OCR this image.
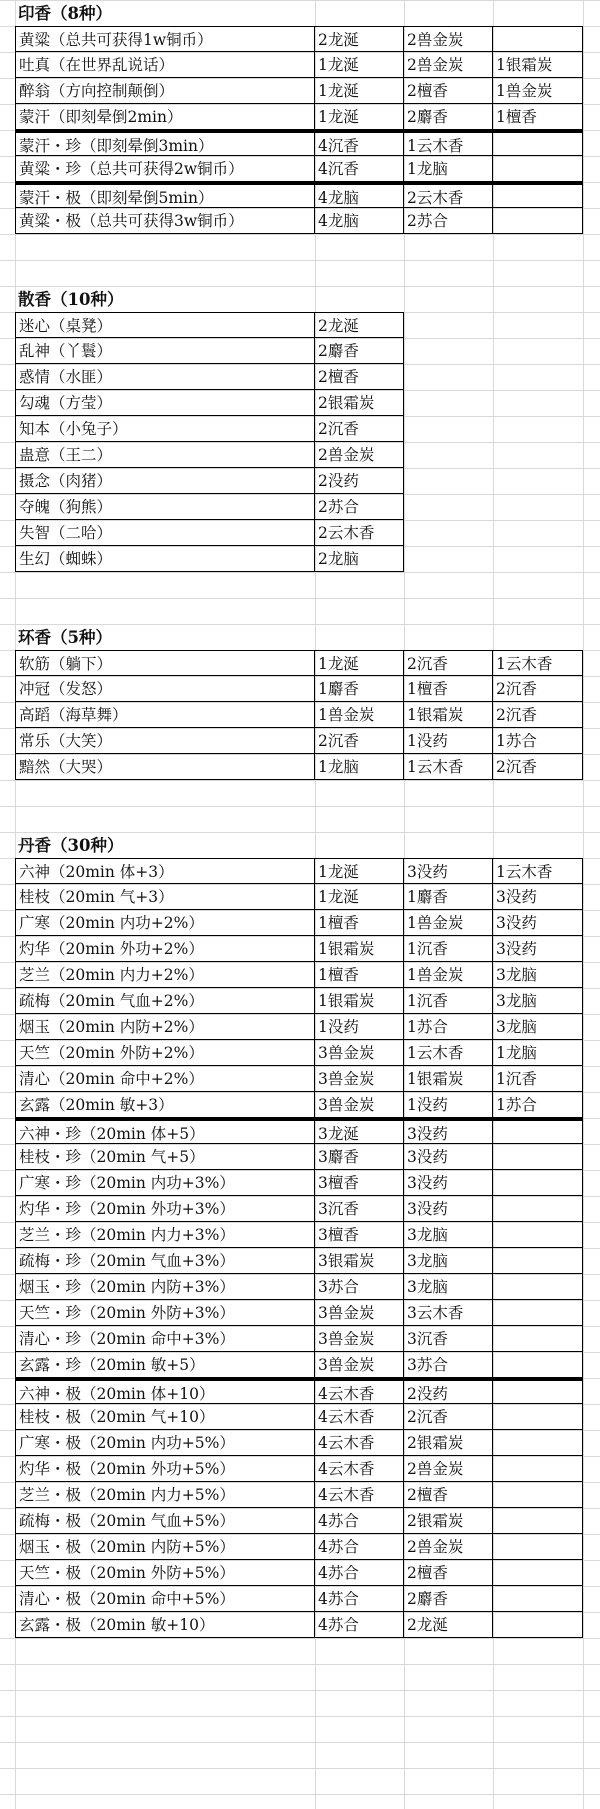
印香（8种）
黄粱（总共可获得1w铜币）	2龙涎	2兽金炭
吐真（在世界乱说话）	1龙涎	2兽金炭	1银霜炭
醉翁（方向控制颠倒）	1龙涎	2檀香	1兽金炭
蒙汗（即刻晕倒2min）	1龙涎	2麝香	1檀香
蒙汗・珍（即刻晕倒3min）	4沉香	1云木香
黄粱・珍（总共可获得2w铜币）	4沉香	1龙脑
蒙汗・极（即刻晕倒5min）	4龙脑	2云木香
黄粱・极（总共可获得3w铜币）	4龙脑	2苏合
散香（10种）
迷心（桌凳）	2龙涎
乱神（丫鬟）	2麝香
惑情（水匪）	2檀香
勾魂（方莹）	2银霜炭
知本（小兔子）	2沉香
蛊意（王二）	2兽金炭
摄念（肉猪）	2没药
夺魄（狗熊）	2苏合
失智（二哈）	2云木香
生幻（蜘蛛）	2龙脑
环香（5种）
软筋（躺下）	1龙涎	2沉香	1云木香
冲冠（发怒）	1麝香	1檀香	2沉香
高蹈（海草舞）	1兽金炭	1银霜炭	2沉香
常乐（大笑）	2沉香	1没药	1苏合
黯然（大哭）	1龙脑	1云木香	2沉香
丹香（30种）
六神（20min 体+3）	1龙涎	3没药	1云木香
桂枝（20min 气+3）	1龙涎	1麝香	3没药
广寒（20min 内功+2%）	1檀香	1兽金炭	3没药
灼华（20min 外功+2%）	1银霜炭	1沉香	3没药
芝兰（20min 内力+2%）	1檀香	1兽金炭	3龙脑
疏梅（20min 气血+2%）	1银霜炭	1沉香	3龙脑
烟玉（20min 内防+2%）	1没药	1苏合	3龙脑
天竺（20min 外防+2%）	3兽金炭	1云木香	1龙脑
清心（20min 命中+2%）	3兽金炭	1银霜炭	1沉香
玄露（20min 敏+3）	3兽金炭	1没药	1苏合
六神・珍（20min 体+5）	3龙涎	3没药
桂枝・珍（20min 气+5）	3麝香	3没药
广寒・珍（20min 内功+3%）	3檀香	3没药
灼华・珍（20min 外功+3%）	3沉香	3没药
芝兰・珍（20min 内力+3%）	3檀香	3龙脑
疏梅・珍（20min 气血+3%）	3银霜炭	3龙脑
烟玉・珍（20min 内防+3%）	3苏合	3龙脑
天竺・珍（20min 外防+3%）	3兽金炭	3云木香
清心・珍（20min 命中+3%）	3兽金炭	3沉香
玄露・珍（20min 敏+5）	3兽金炭	3苏合
六神・极（20min 体+10）	4云木香	2没药
桂枝・极（20min 气+10）	4云木香	2沉香
广寒・极（20min 内功+5%）	4云木香	2银霜炭
灼华・极（20min 外功+5%）	4云木香	2兽金炭
芝兰・极（20min 内力+5%）	4云木香	2檀香
疏梅・极（20min 气血+5%）	4苏合	2银霜炭
烟玉・极（20min 内防+5%）	4苏合	2兽金炭
天竺・极（20min 外防+5%）	4苏合	2檀香
清心・极（20min 命中+5%）	4苏合	2麝香
玄露・极（20min 敏+10）	4苏合	2龙涎
